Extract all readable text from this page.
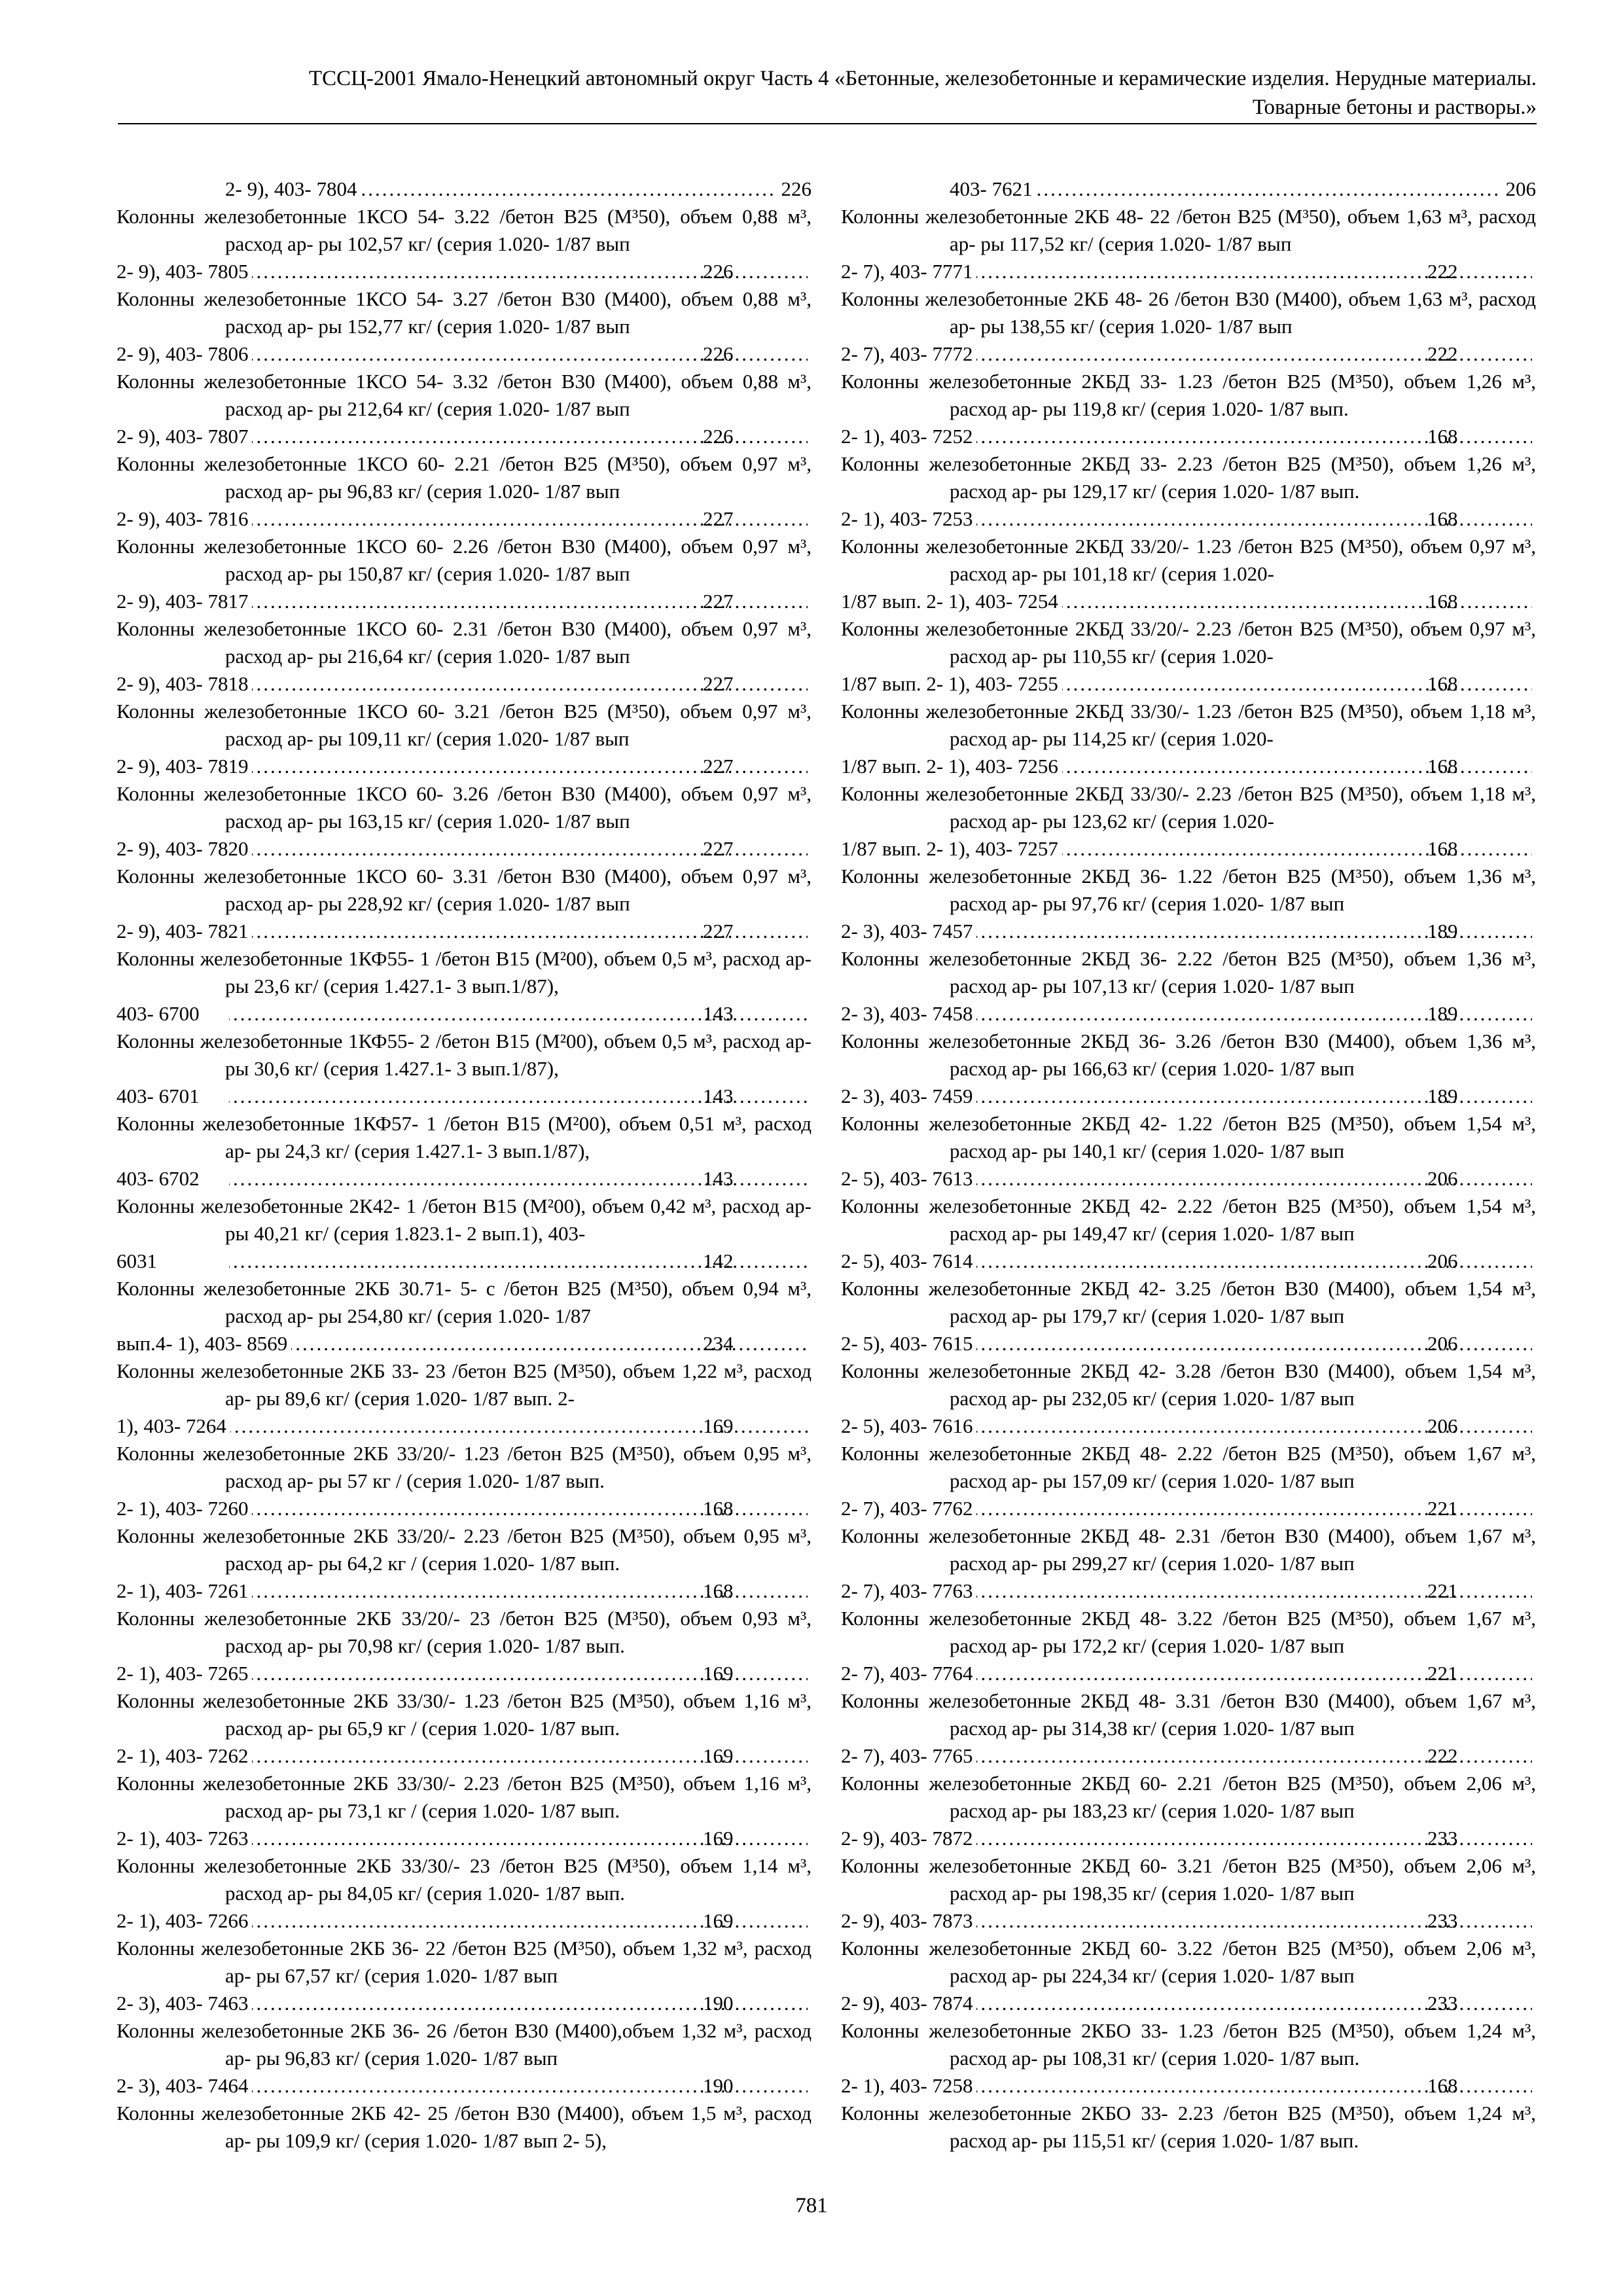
ТССЦ-2001 Ямало-Ненецкий автономный округ Часть 4 «Бетонные, железобетонные и керамические изделия. Нерудные материалы.
Товарные бетоны и растворы.»
2- 9), 403- 7804 .....	226
Колонны железобетонные 1КСО 54- 3.22 /бетон В25 (М³50), объем 0,88 м³, расход ар- ры 102,57 кг/ (серия 1.020- 1/87 вып
2- 9), 403- 7805 .....	226
Колонны железобетонные 1КСО 54- 3.27 /бетон В30 (М400), объем 0,88 м³, расход ар- ры 152,77 кг/ (серия 1.020- 1/87 вып
2- 9), 403- 7806 .....	226
Колонны железобетонные 1КСО 54- 3.32 /бетон В30 (М400), объем 0,88 м³, расход ар- ры 212,64 кг/ (серия 1.020- 1/87 вып
2- 9), 403- 7807 .....	226
Колонны железобетонные 1КСО 60- 2.21 /бетон В25 (М³50), объем 0,97 м³, расход ар- ры 96,83 кг/ (серия 1.020- 1/87 вып
2- 9), 403- 7816 .....	227
Колонны железобетонные 1КСО 60- 2.26 /бетон В30 (М400), объем 0,97 м³, расход ар- ры 150,87 кг/ (серия 1.020- 1/87 вып
2- 9), 403- 7817 .....	227
Колонны железобетонные 1КСО 60- 2.31 /бетон В30 (М400), объем 0,97 м³, расход ар- ры 216,64 кг/ (серия 1.020- 1/87 вып
2- 9), 403- 7818 .....	227
Колонны железобетонные 1КСО 60- 3.21 /бетон В25 (М³50), объем 0,97 м³, расход ар- ры 109,11 кг/ (серия 1.020- 1/87 вып
2- 9), 403- 7819 .....	227
Колонны железобетонные 1КСО 60- 3.26 /бетон В30 (М400), объем 0,97 м³, расход ар- ры 163,15 кг/ (серия 1.020- 1/87 вып
2- 9), 403- 7820 .....	227
Колонны железобетонные 1КСО 60- 3.31 /бетон В30 (М400), объем 0,97 м³, расход ар- ры 228,92 кг/ (серия 1.020- 1/87 вып
2- 9), 403- 7821 .....	227
Колонны железобетонные 1КФ55- 1 /бетон В15 (М²00), объем 0,5 м³, расход ар- ры 23,6 кг/ (серия 1.427.1- 3 вып.1/87),
403- 6700 .....	143
Колонны железобетонные 1КФ55- 2 /бетон В15 (М²00), объем 0,5 м³, расход ар- ры 30,6 кг/ (серия 1.427.1- 3 вып.1/87),
403- 6701 .....	143
Колонны железобетонные 1КФ57- 1 /бетон В15 (М²00), объем 0,51 м³, расход ар- ры 24,3 кг/ (серия 1.427.1- 3 вып.1/87),
403- 6702 .....	143
Колонны железобетонные 2К42- 1 /бетон В15 (М²00), объем 0,42 м³, расход ар- ры 40,21 кг/ (серия 1.823.1- 2 вып.1), 403-
6031 .....	142
Колонны железобетонные 2КБ 30.71- 5- с /бетон В25 (М³50), объем 0,94 м³, расход ар- ры 254,80 кг/ (серия 1.020- 1/87
вып.4- 1), 403- 8569 .....	234
Колонны железобетонные 2КБ 33- 23 /бетон В25 (М³50), объем 1,22 м³, расход ар- ры 89,6 кг/ (серия 1.020- 1/87 вып. 2-
1), 403- 7264 .....	169
Колонны железобетонные 2КБ 33/20/- 1.23 /бетон В25 (М³50), объем 0,95 м³, расход ар- ры 57 кг / (серия 1.020- 1/87 вып.
2- 1), 403- 7260 .....	168
Колонны железобетонные 2КБ 33/20/- 2.23 /бетон В25 (М³50), объем 0,95 м³, расход ар- ры 64,2 кг / (серия 1.020- 1/87 вып.
2- 1), 403- 7261 .....	168
Колонны железобетонные 2КБ 33/20/- 23 /бетон В25 (М³50), объем 0,93 м³, расход ар- ры 70,98 кг/ (серия 1.020- 1/87 вып.
2- 1), 403- 7265 .....	169
Колонны железобетонные 2КБ 33/30/- 1.23 /бетон В25 (М³50), объем 1,16 м³, расход ар- ры 65,9 кг / (серия 1.020- 1/87 вып.
2- 1), 403- 7262 .....	169
Колонны железобетонные 2КБ 33/30/- 2.23 /бетон В25 (М³50), объем 1,16 м³, расход ар- ры 73,1 кг / (серия 1.020- 1/87 вып.
2- 1), 403- 7263 .....	169
Колонны железобетонные 2КБ 33/30/- 23 /бетон В25 (М³50), объем 1,14 м³, расход ар- ры 84,05 кг/ (серия 1.020- 1/87 вып.
2- 1), 403- 7266 .....	169
Колонны железобетонные 2КБ 36- 22 /бетон В25 (М³50), объем 1,32 м³, расход ар- ры 67,57 кг/ (серия 1.020- 1/87 вып
2- 3), 403- 7463 .....	190
Колонны железобетонные 2КБ 36- 26 /бетон В30 (М400),объем 1,32 м³, расход ар- ры 96,83 кг/ (серия 1.020- 1/87 вып
2- 3), 403- 7464 .....	190
Колонны железобетонные 2КБ 42- 25 /бетон В30 (М400), объем 1,5 м³, расход ар- ры 109,9 кг/ (серия 1.020- 1/87 вып 2- 5),
403- 7621 .....	206
Колонны железобетонные 2КБ 48- 22 /бетон В25 (М³50), объем 1,63 м³, расход ар- ры 117,52 кг/ (серия 1.020- 1/87 вып
2- 7), 403- 7771 .....	222
Колонны железобетонные 2КБ 48- 26 /бетон В30 (М400), объем 1,63 м³, расход ар- ры 138,55 кг/ (серия 1.020- 1/87 вып
2- 7), 403- 7772 .....	222
Колонны железобетонные 2КБД 33- 1.23 /бетон В25 (М³50), объем 1,26 м³, расход ар- ры 119,8 кг/ (серия 1.020- 1/87 вып.
2- 1), 403- 7252 .....	168
Колонны железобетонные 2КБД 33- 2.23 /бетон В25 (М³50), объем 1,26 м³, расход ар- ры 129,17 кг/ (серия 1.020- 1/87 вып.
2- 1), 403- 7253 .....	168
Колонны железобетонные 2КБД 33/20/- 1.23 /бетон В25 (М³50), объем 0,97 м³, расход ар- ры 101,18 кг/ (серия 1.020-
1/87 вып. 2- 1), 403- 7254 .....	168
Колонны железобетонные 2КБД 33/20/- 2.23 /бетон В25 (М³50), объем 0,97 м³, расход ар- ры 110,55 кг/ (серия 1.020-
1/87 вып. 2- 1), 403- 7255 .....	168
Колонны железобетонные 2КБД 33/30/- 1.23 /бетон В25 (М³50), объем 1,18 м³, расход ар- ры 114,25 кг/ (серия 1.020-
1/87 вып. 2- 1), 403- 7256 .....	168
Колонны железобетонные 2КБД 33/30/- 2.23 /бетон В25 (М³50), объем 1,18 м³, расход ар- ры 123,62 кг/ (серия 1.020-
1/87 вып. 2- 1), 403- 7257 .....	168
Колонны железобетонные 2КБД 36- 1.22 /бетон В25 (М³50), объем 1,36 м³, расход ар- ры 97,76 кг/ (серия 1.020- 1/87 вып
2- 3), 403- 7457 .....	189
Колонны железобетонные 2КБД 36- 2.22 /бетон В25 (М³50), объем 1,36 м³, расход ар- ры 107,13 кг/ (серия 1.020- 1/87 вып
2- 3), 403- 7458 .....	189
Колонны железобетонные 2КБД 36- 3.26 /бетон В30 (М400), объем 1,36 м³, расход ар- ры 166,63 кг/ (серия 1.020- 1/87 вып
2- 3), 403- 7459 .....	189
Колонны железобетонные 2КБД 42- 1.22 /бетон В25 (М³50), объем 1,54 м³, расход ар- ры 140,1 кг/ (серия 1.020- 1/87 вып
2- 5), 403- 7613 .....	206
Колонны железобетонные 2КБД 42- 2.22 /бетон В25 (М³50), объем 1,54 м³, расход ар- ры 149,47 кг/ (серия 1.020- 1/87 вып
2- 5), 403- 7614 .....	206
Колонны железобетонные 2КБД 42- 3.25 /бетон В30 (М400), объем 1,54 м³, расход ар- ры 179,7 кг/ (серия 1.020- 1/87 вып
2- 5), 403- 7615 .....	206
Колонны железобетонные 2КБД 42- 3.28 /бетон В30 (М400), объем 1,54 м³, расход ар- ры 232,05 кг/ (серия 1.020- 1/87 вып
2- 5), 403- 7616 .....	206
Колонны железобетонные 2КБД 48- 2.22 /бетон В25 (М³50), объем 1,67 м³, расход ар- ры 157,09 кг/ (серия 1.020- 1/87 вып
2- 7), 403- 7762 .....	221
Колонны железобетонные 2КБД 48- 2.31 /бетон В30 (М400), объем 1,67 м³, расход ар- ры 299,27 кг/ (серия 1.020- 1/87 вып
2- 7), 403- 7763 .....	221
Колонны железобетонные 2КБД 48- 3.22 /бетон В25 (М³50), объем 1,67 м³, расход ар- ры 172,2 кг/ (серия 1.020- 1/87 вып
2- 7), 403- 7764 .....	221
Колонны железобетонные 2КБД 48- 3.31 /бетон В30 (М400), объем 1,67 м³, расход ар- ры 314,38 кг/ (серия 1.020- 1/87 вып
2- 7), 403- 7765 .....	222
Колонны железобетонные 2КБД 60- 2.21 /бетон В25 (М³50), объем 2,06 м³, расход ар- ры 183,23 кг/ (серия 1.020- 1/87 вып
2- 9), 403- 7872 .....	233
Колонны железобетонные 2КБД 60- 3.21 /бетон В25 (М³50), объем 2,06 м³, расход ар- ры 198,35 кг/ (серия 1.020- 1/87 вып
2- 9), 403- 7873 .....	233
Колонны железобетонные 2КБД 60- 3.22 /бетон В25 (М³50), объем 2,06 м³, расход ар- ры 224,34 кг/ (серия 1.020- 1/87 вып
2- 9), 403- 7874 .....	233
Колонны железобетонные 2КБО 33- 1.23 /бетон В25 (М³50), объем 1,24 м³, расход ар- ры 108,31 кг/ (серия 1.020- 1/87 вып.
2- 1), 403- 7258 .....	168
Колонны железобетонные 2КБО 33- 2.23 /бетон В25 (М³50), объем 1,24 м³, расход ар- ры 115,51 кг/ (серия 1.020- 1/87 вып.
781
